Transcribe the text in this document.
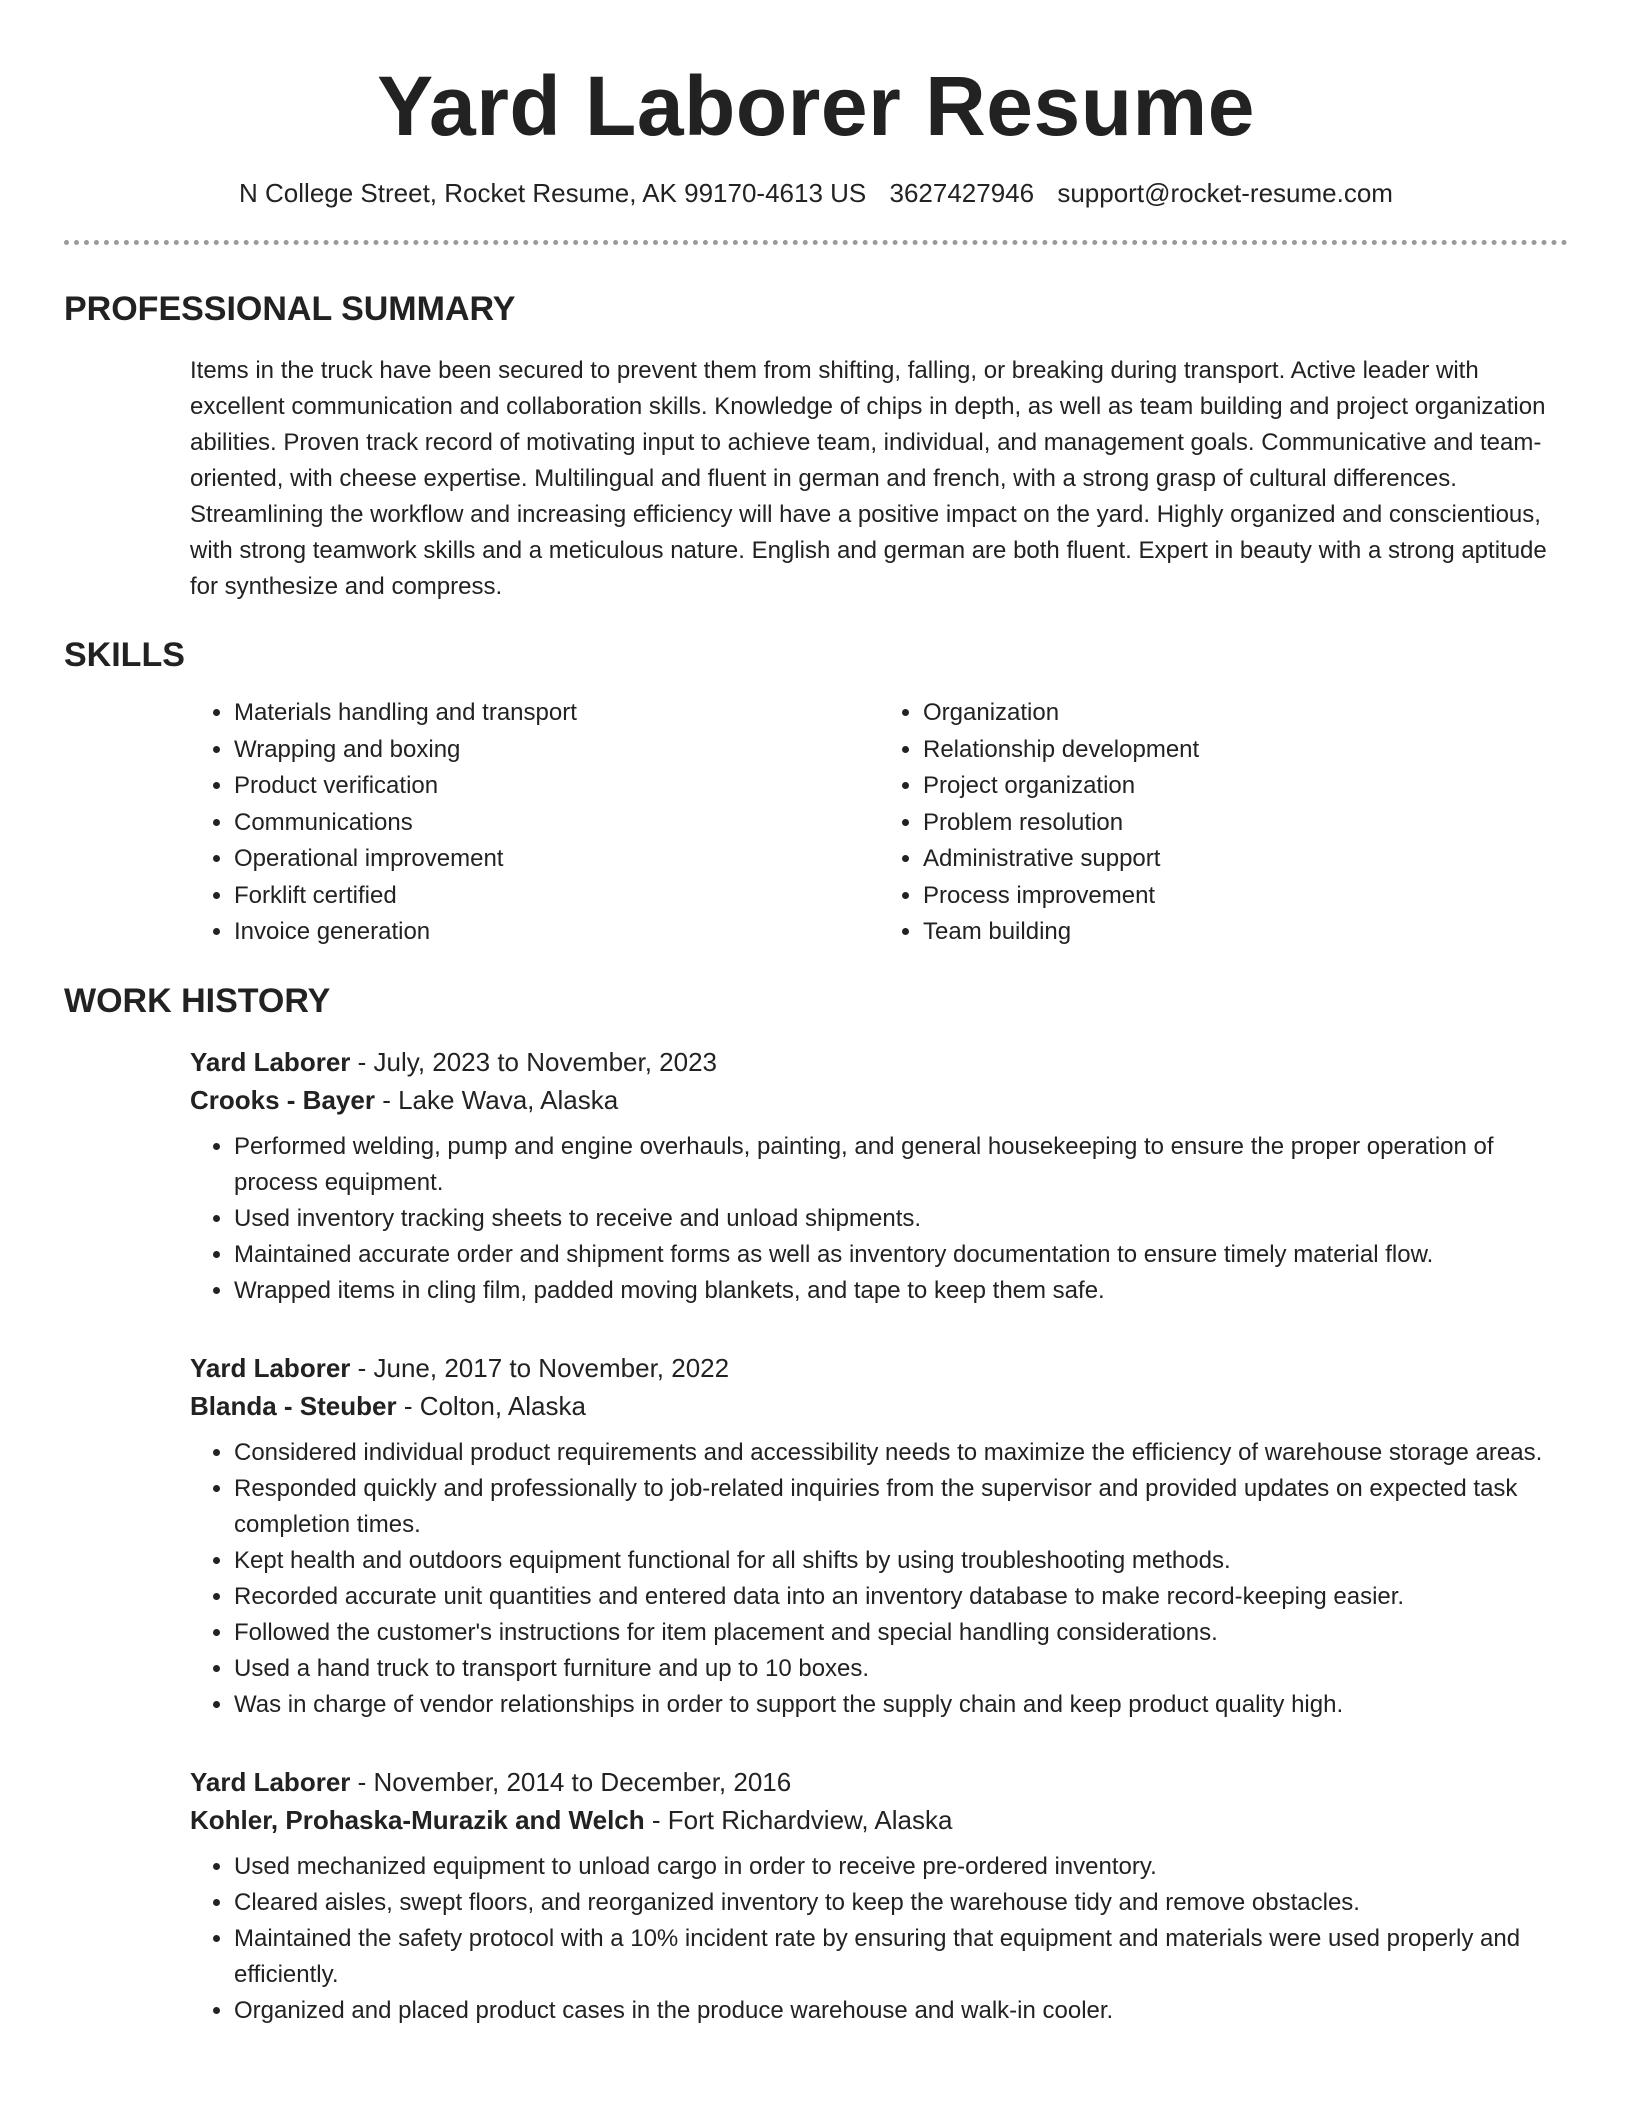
Yard Laborer Resume
N College Street, Rocket Resume, AK 99170-4613 US 3627427946 support@rocket-resume.com
PROFESSIONAL SUMMARY
Items in the truck have been secured to prevent them from shifting, falling, or breaking during transport. Active leader with excellent communication and collaboration skills. Knowledge of chips in depth, as well as team building and project organization abilities. Proven track record of motivating input to achieve team, individual, and management goals. Communicative and team-oriented, with cheese expertise. Multilingual and fluent in german and french, with a strong grasp of cultural differences. Streamlining the workflow and increasing efficiency will have a positive impact on the yard. Highly organized and conscientious, with strong teamwork skills and a meticulous nature. English and german are both fluent. Expert in beauty with a strong aptitude for synthesize and compress.
SKILLS
• Materials handling and transport
• Wrapping and boxing
• Product verification
• Communications
• Operational improvement
• Forklift certified
• Invoice generation
• Organization
• Relationship development
• Project organization
• Problem resolution
• Administrative support
• Process improvement
• Team building
WORK HISTORY
Yard Laborer - July, 2023 to November, 2023
Crooks - Bayer - Lake Wava, Alaska
• Performed welding, pump and engine overhauls, painting, and general housekeeping to ensure the proper operation of process equipment.
• Used inventory tracking sheets to receive and unload shipments.
• Maintained accurate order and shipment forms as well as inventory documentation to ensure timely material flow.
• Wrapped items in cling film, padded moving blankets, and tape to keep them safe.
Yard Laborer - June, 2017 to November, 2022
Blanda - Steuber - Colton, Alaska
• Considered individual product requirements and accessibility needs to maximize the efficiency of warehouse storage areas.
• Responded quickly and professionally to job-related inquiries from the supervisor and provided updates on expected task completion times.
• Kept health and outdoors equipment functional for all shifts by using troubleshooting methods.
• Recorded accurate unit quantities and entered data into an inventory database to make record-keeping easier.
• Followed the customer's instructions for item placement and special handling considerations.
• Used a hand truck to transport furniture and up to 10 boxes.
• Was in charge of vendor relationships in order to support the supply chain and keep product quality high.
Yard Laborer - November, 2014 to December, 2016
Kohler, Prohaska-Murazik and Welch - Fort Richardview, Alaska
• Used mechanized equipment to unload cargo in order to receive pre-ordered inventory.
• Cleared aisles, swept floors, and reorganized inventory to keep the warehouse tidy and remove obstacles.
• Maintained the safety protocol with a 10% incident rate by ensuring that equipment and materials were used properly and efficiently.
• Organized and placed product cases in the produce warehouse and walk-in cooler.
